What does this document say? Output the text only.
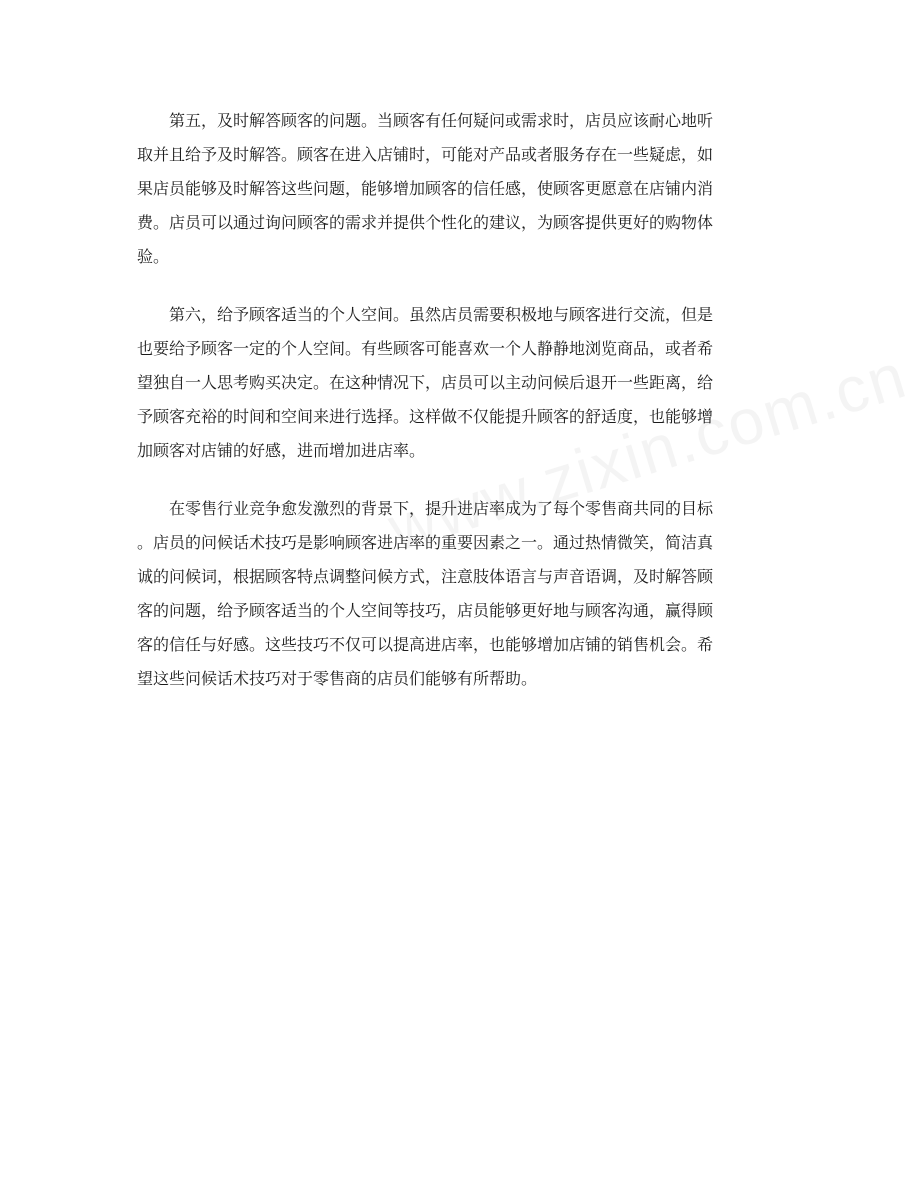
第五，及时解答顾客的问题。当顾客有任何疑问或需求时，店员应该耐心地听
取并且给予及时解答。顾客在进入店铺时，可能对产品或者服务存在一些疑虑，如
果店员能够及时解答这些问题，能够增加顾客的信任感，使顾客更愿意在店铺内消
费。店员可以通过询问顾客的需求并提供个性化的建议，为顾客提供更好的购物体
验。
第六，给予顾客适当的个人空间。虽然店员需要积极地与顾客进行交流，但是
也要给予顾客一定的个人空间。有些顾客可能喜欢一个人静静地浏览商品，或者希
望独自一人思考购买决定。在这种情况下，店员可以主动问候后退开一些距离，给
予顾客充裕的时间和空间来进行选择。这样做不仅能提升顾客的舒适度，也能够增
加顾客对店铺的好感，进而增加进店率。
在零售行业竞争愈发激烈的背景下，提升进店率成为了每个零售商共同的目标
。店员的问候话术技巧是影响顾客进店率的重要因素之一。通过热情微笑，简洁真
诚的问候词，根据顾客特点调整问候方式，注意肢体语言与声音语调，及时解答顾
客的问题，给予顾客适当的个人空间等技巧，店员能够更好地与顾客沟通，赢得顾
客的信任与好感。这些技巧不仅可以提高进店率，也能够增加店铺的销售机会。希
望这些问候话术技巧对于零售商的店员们能够有所帮助。
